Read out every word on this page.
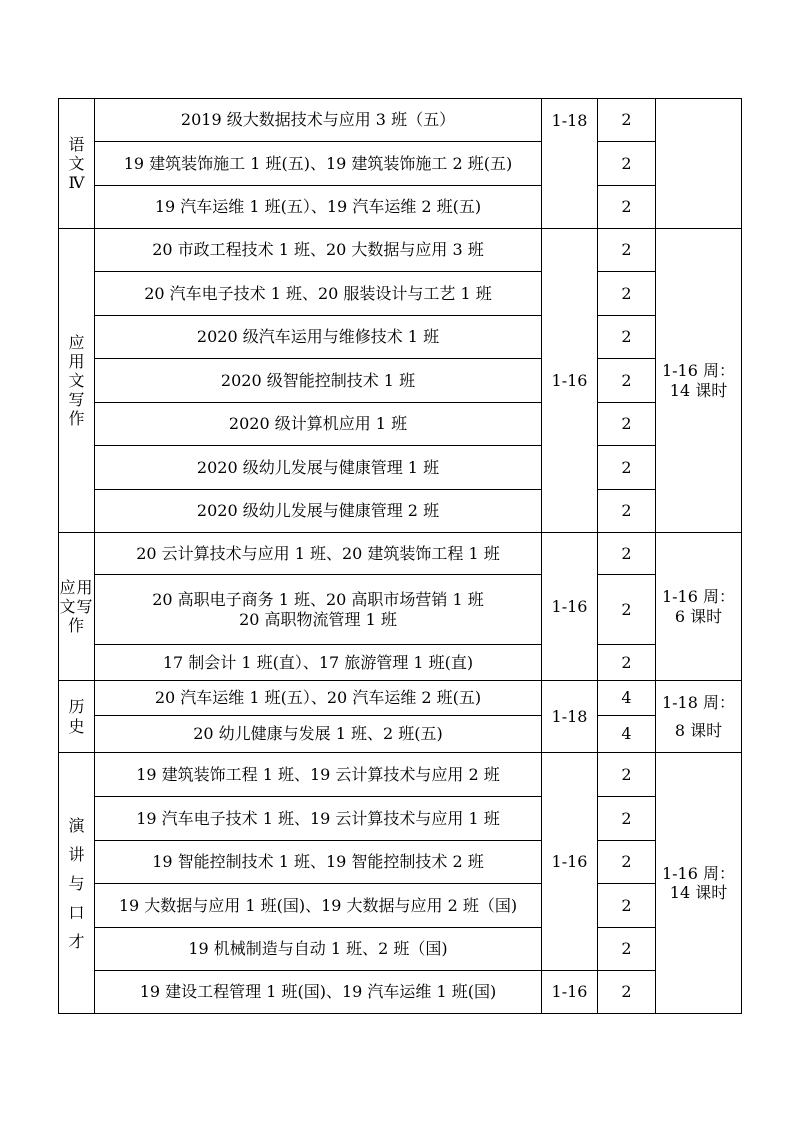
语
文
Ⅳ	2019 级大数据技术与应用 3 班（五）	1-18	2	
	19 建筑装饰施工 1 班(五)、19 建筑装饰施工 2 班(五)		2	
	19 汽车运维 1 班(五）、19 汽车运维 2 班(五)		2	
应
用
文
写
作	20 市政工程技术 1 班、20 大数据与应用 3 班	1-16	2	1-16 周：
14 课时
	20 汽车电子技术 1 班、20 服装设计与工艺 1 班		2	
	2020 级汽车运用与维修技术 1 班		2	
	2020 级智能控制技术 1 班		2	
	2020 级计算机应用 1 班		2	
	2020 级幼儿发展与健康管理 1 班		2	
	2020 级幼儿发展与健康管理 2 班		2	
应用
文写
作	20 云计算技术与应用 1 班、20 建筑装饰工程 1 班	1-16	2	1-16 周：
6 课时
	20 高职电子商务 1 班、20 高职市场营销 1 班
20 高职物流管理 1 班		2	
	17 制会计 1 班(直）、17 旅游管理 1 班(直)		2	
历
史	20 汽车运维 1 班(五）、20 汽车运维 2 班(五)	1-18	4	1-18 周：
8 课时
	20 幼儿健康与发展 1 班、2 班(五)		4	
演
讲
与
口
才	19 建筑装饰工程 1 班、19 云计算技术与应用 2 班	1-16	2	1-16 周：
14 课时
	19 汽车电子技术 1 班、19 云计算技术与应用 1 班		2	
	19 智能控制技术 1 班、19 智能控制技术 2 班		2	
	19 大数据与应用 1 班(国)、19 大数据与应用 2 班（国)		2	
	19 机械制造与自动 1 班、2 班（国)		2	
	19 建设工程管理 1 班(国)、19 汽车运维 1 班(国)	1-16	2	
